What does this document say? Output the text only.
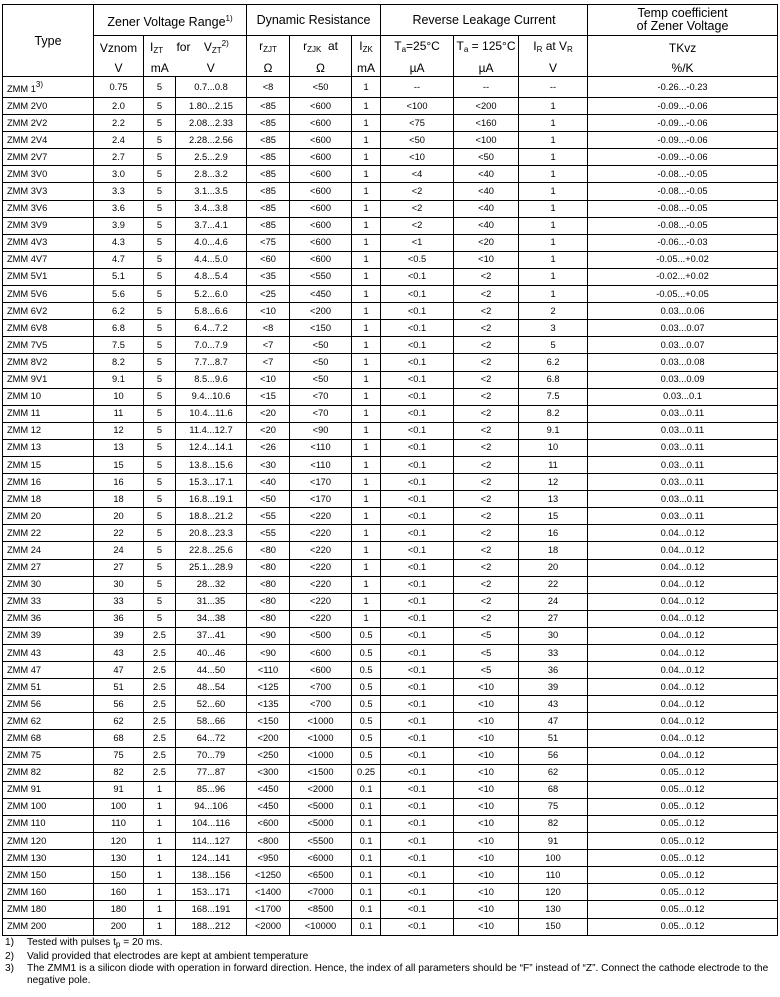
Type	Zener Voltage Range$^{1)}$			Dynamic Resistance			Reverse Leakage Current			Temp coefficient
of Zener Voltage
	Vznom	$I_{ZT}$ for $V_{ZT}^{2)}$		$r_{ZJT}$	$r_{ZJK}$ at	$I_{ZK}$	$T_a=25^\circ C$	$T_a = 125^\circ C$	$I_R$ at $V_R$	TKvz
	V	mA	V	Ω	Ω	mA	µA	µA	V	%/K
ZMM 13)	0.75	5	0.7...0.8	<8	<50	1	--	--	--	-0.26...-0.23
ZMM 2V0	2.0	5	1.80...2.15	<85	<600	1	<100	<200	1	-0.09...-0.06
ZMM 2V2	2.2	5	2.08...2.33	<85	<600	1	<75	<160	1	-0.09...-0.06
ZMM 2V4	2.4	5	2.28...2.56	<85	<600	1	<50	<100	1	-0.09...-0.06
ZMM 2V7	2.7	5	2.5...2.9	<85	<600	1	<10	<50	1	-0.09...-0.06
ZMM 3V0	3.0	5	2.8...3.2	<85	<600	1	<4	<40	1	-0.08...-0.05
ZMM 3V3	3.3	5	3.1...3.5	<85	<600	1	<2	<40	1	-0.08...-0.05
ZMM 3V6	3.6	5	3.4...3.8	<85	<600	1	<2	<40	1	-0.08...-0.05
ZMM 3V9	3.9	5	3.7...4.1	<85	<600	1	<2	<40	1	-0.08...-0.05
ZMM 4V3	4.3	5	4.0...4.6	<75	<600	1	<1	<20	1	-0.06...-0.03
ZMM 4V7	4.7	5	4.4...5.0	<60	<600	1	<0.5	<10	1	-0.05...+0.02
ZMM 5V1	5.1	5	4.8...5.4	<35	<550	1	<0.1	<2	1	-0.02...+0.02
ZMM 5V6	5.6	5	5.2...6.0	<25	<450	1	<0.1	<2	1	-0.05...+0.05
ZMM 6V2	6.2	5	5.8...6.6	<10	<200	1	<0.1	<2	2	0.03...0.06
ZMM 6V8	6.8	5	6.4...7.2	<8	<150	1	<0.1	<2	3	0.03...0.07
ZMM 7V5	7.5	5	7.0...7.9	<7	<50	1	<0.1	<2	5	0.03...0.07
ZMM 8V2	8.2	5	7.7...8.7	<7	<50	1	<0.1	<2	6.2	0.03...0.08
ZMM 9V1	9.1	5	8.5...9.6	<10	<50	1	<0.1	<2	6.8	0.03...0.09
ZMM 10	10	5	9.4...10.6	<15	<70	1	<0.1	<2	7.5	0.03...0.1
ZMM 11	11	5	10.4...11.6	<20	<70	1	<0.1	<2	8.2	0.03...0.11
ZMM 12	12	5	11.4...12.7	<20	<90	1	<0.1	<2	9.1	0.03...0.11
ZMM 13	13	5	12.4...14.1	<26	<110	1	<0.1	<2	10	0.03...0.11
ZMM 15	15	5	13.8...15.6	<30	<110	1	<0.1	<2	11	0.03...0.11
ZMM 16	16	5	15.3...17.1	<40	<170	1	<0.1	<2	12	0.03...0.11
ZMM 18	18	5	16.8...19.1	<50	<170	1	<0.1	<2	13	0.03...0.11
ZMM 20	20	5	18.8...21.2	<55	<220	1	<0.1	<2	15	0.03...0.11
ZMM 22	22	5	20.8...23.3	<55	<220	1	<0.1	<2	16	0.04...0.12
ZMM 24	24	5	22.8...25.6	<80	<220	1	<0.1	<2	18	0.04...0.12
ZMM 27	27	5	25.1...28.9	<80	<220	1	<0.1	<2	20	0.04...0.12
ZMM 30	30	5	28...32	<80	<220	1	<0.1	<2	22	0.04...0.12
ZMM 33	33	5	31...35	<80	<220	1	<0.1	<2	24	0.04...0.12
ZMM 36	36	5	34...38	<80	<220	1	<0.1	<2	27	0.04...0.12
ZMM 39	39	2.5	37...41	<90	<500	0.5	<0.1	<5	30	0.04...0.12
ZMM 43	43	2.5	40...46	<90	<600	0.5	<0.1	<5	33	0.04...0.12
ZMM 47	47	2.5	44...50	<110	<600	0.5	<0.1	<5	36	0.04...0.12
ZMM 51	51	2.5	48...54	<125	<700	0.5	<0.1	<10	39	0.04...0.12
ZMM 56	56	2.5	52...60	<135	<700	0.5	<0.1	<10	43	0.04...0.12
ZMM 62	62	2.5	58...66	<150	<1000	0.5	<0.1	<10	47	0.04...0.12
ZMM 68	68	2.5	64...72	<200	<1000	0.5	<0.1	<10	51	0.04...0.12
ZMM 75	75	2.5	70...79	<250	<1000	0.5	<0.1	<10	56	0.04...0.12
ZMM 82	82	2.5	77...87	<300	<1500	0.25	<0.1	<10	62	0.05...0.12
ZMM 91	91	1	85...96	<450	<2000	0.1	<0.1	<10	68	0.05...0.12
ZMM 100	100	1	94...106	<450	<5000	0.1	<0.1	<10	75	0.05...0.12
ZMM 110	110	1	104...116	<600	<5000	0.1	<0.1	<10	82	0.05...0.12
ZMM 120	120	1	114...127	<800	<5500	0.1	<0.1	<10	91	0.05...0.12
ZMM 130	130	1	124...141	<950	<6000	0.1	<0.1	<10	100	0.05...0.12
ZMM 150	150	1	138...156	<1250	<6500	0.1	<0.1	<10	110	0.05...0.12
ZMM 160	160	1	153...171	<1400	<7000	0.1	<0.1	<10	120	0.05...0.12
ZMM 180	180	1	168...191	<1700	<8500	0.1	<0.1	<10	130	0.05...0.12
ZMM 200	200	1	188...212	<2000	<10000	0.1	<0.1	<10	150	0.05...0.12
1)	Tested with pulses $t_p = 20$ ms.
2)	Valid provided that electrodes are kept at ambient temperature
3)	The ZMM1 is a silicon diode with operation in forward direction. Hence, the index of all parameters should be “F” instead of “Z”. Connect the cathode electrode to the negative pole.
